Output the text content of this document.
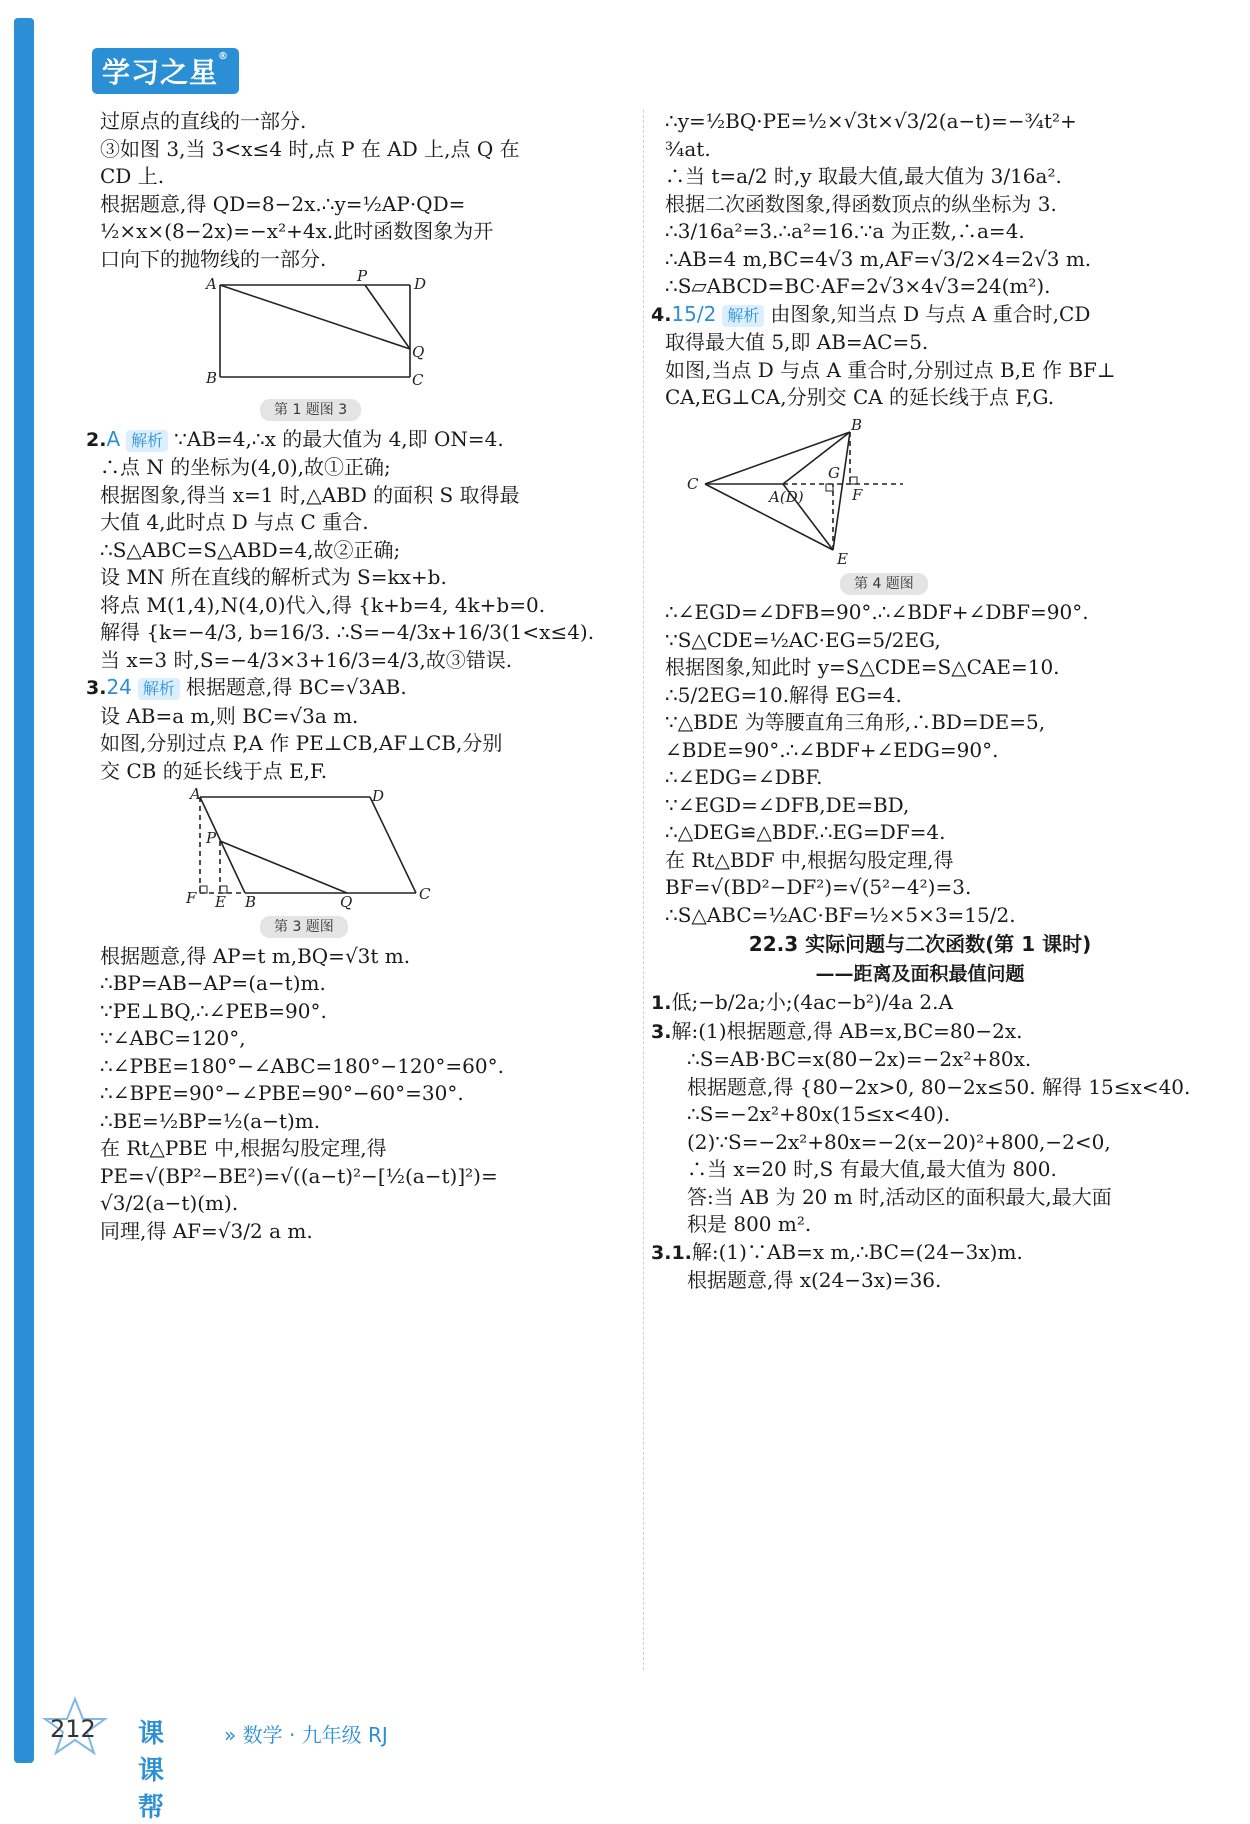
学习之星®
过原点的直线的一部分.
③如图 3,当 3<x≤4 时,点 P 在 AD 上,点 Q 在
CD 上.
根据题意,得 QD=8−2x.∴y=½AP·QD=
½×x×(8−2x)=−x²+4x.此时函数图象为开
口向下的抛物线的一部分.
A	P	D
Q
B	C
第 1 题图 3
2.A 解析 ∵AB=4,∴x 的最大值为 4,即 ON=4.
∴点 N 的坐标为(4,0),故①正确;
根据图象,得当 x=1 时,△ABD 的面积 S 取得最
大值 4,此时点 D 与点 C 重合.
∴S△ABC=S△ABD=4,故②正确;
设 MN 所在直线的解析式为 S=kx+b.
将点 M(1,4),N(4,0)代入,得 {k+b=4, 4k+b=0.
解得 {k=−4/3, b=16/3. ∴S=−4/3x+16/3(1<x≤4).
当 x=3 时,S=−4/3×3+16/3=4/3,故③错误.
3.24 解析 根据题意,得 BC=√3AB.
设 AB=a m,则 BC=√3a m.
如图,分别过点 P,A 作 PE⊥CB,AF⊥CB,分别
交 CB 的延长线于点 E,F.
A	D
P
F E B	Q	C
第 3 题图
根据题意,得 AP=t m,BQ=√3t m.
∴BP=AB−AP=(a−t)m.
∵PE⊥BQ,∴∠PEB=90°.
∵∠ABC=120°,
∴∠PBE=180°−∠ABC=180°−120°=60°.
∴∠BPE=90°−∠PBE=90°−60°=30°.
∴BE=½BP=½(a−t)m.
在 Rt△PBE 中,根据勾股定理,得
PE=√(BP²−BE²)=√((a−t)²−[½(a−t)]²)=
√3/2(a−t)(m).
同理,得 AF=√3/2 a m.
∴y=½BQ·PE=½×√3t×√3/2(a−t)=−¾t²+
¾at.
∴当 t=a/2 时,y 取最大值,最大值为 3/16a².
根据二次函数图象,得函数顶点的纵坐标为 3.
∴3/16a²=3.∴a²=16.∵a 为正数,∴a=4.
∴AB=4 m,BC=4√3 m,AF=√3/2×4=2√3 m.
∴S▱ABCD=BC·AF=2√3×4√3=24(m²).
4.15/2 解析 由图象,知当点 D 与点 A 重合时,CD
取得最大值 5,即 AB=AC=5.
如图,当点 D 与点 A 重合时,分别过点 B,E 作 BF⊥
CA,EG⊥CA,分别交 CA 的延长线于点 F,G.
B
C
A(D)
G
F
E
第 4 题图
∴∠EGD=∠DFB=90°.∴∠BDF+∠DBF=90°.
∵S△CDE=½AC·EG=5/2EG,
根据图象,知此时 y=S△CDE=S△CAE=10.
∴5/2EG=10.解得 EG=4.
∵△BDE 为等腰直角三角形,∴BD=DE=5,
∠BDE=90°.∴∠BDF+∠EDG=90°.
∴∠EDG=∠DBF.
∵∠EGD=∠DFB,DE=BD,
∴△DEG≌△BDF.∴EG=DF=4.
在 Rt△BDF 中,根据勾股定理,得
BF=√(BD²−DF²)=√(5²−4²)=3.
∴S△ABC=½AC·BF=½×5×3=15/2.
22.3 实际问题与二次函数(第 1 课时)
——距离及面积最值问题
1.低;−b/2a;小;(4ac−b²)/4a 2.A
3.解:(1)根据题意,得 AB=x,BC=80−2x.
∴S=AB·BC=x(80−2x)=−2x²+80x.
根据题意,得 {80−2x>0, 80−2x≤50. 解得 15≤x<40.
∴S=−2x²+80x(15≤x<40).
(2)∵S=−2x²+80x=−2(x−20)²+800,−2<0,
∴当 x=20 时,S 有最大值,最大值为 800.
答:当 AB 为 20 m 时,活动区的面积最大,最大面
积是 800 m².
3.1.解:(1)∵AB=x m,∴BC=(24−3x)m.
根据题意,得 x(24−3x)=36.
212 课课帮
» 数学 · 九年级 RJ
